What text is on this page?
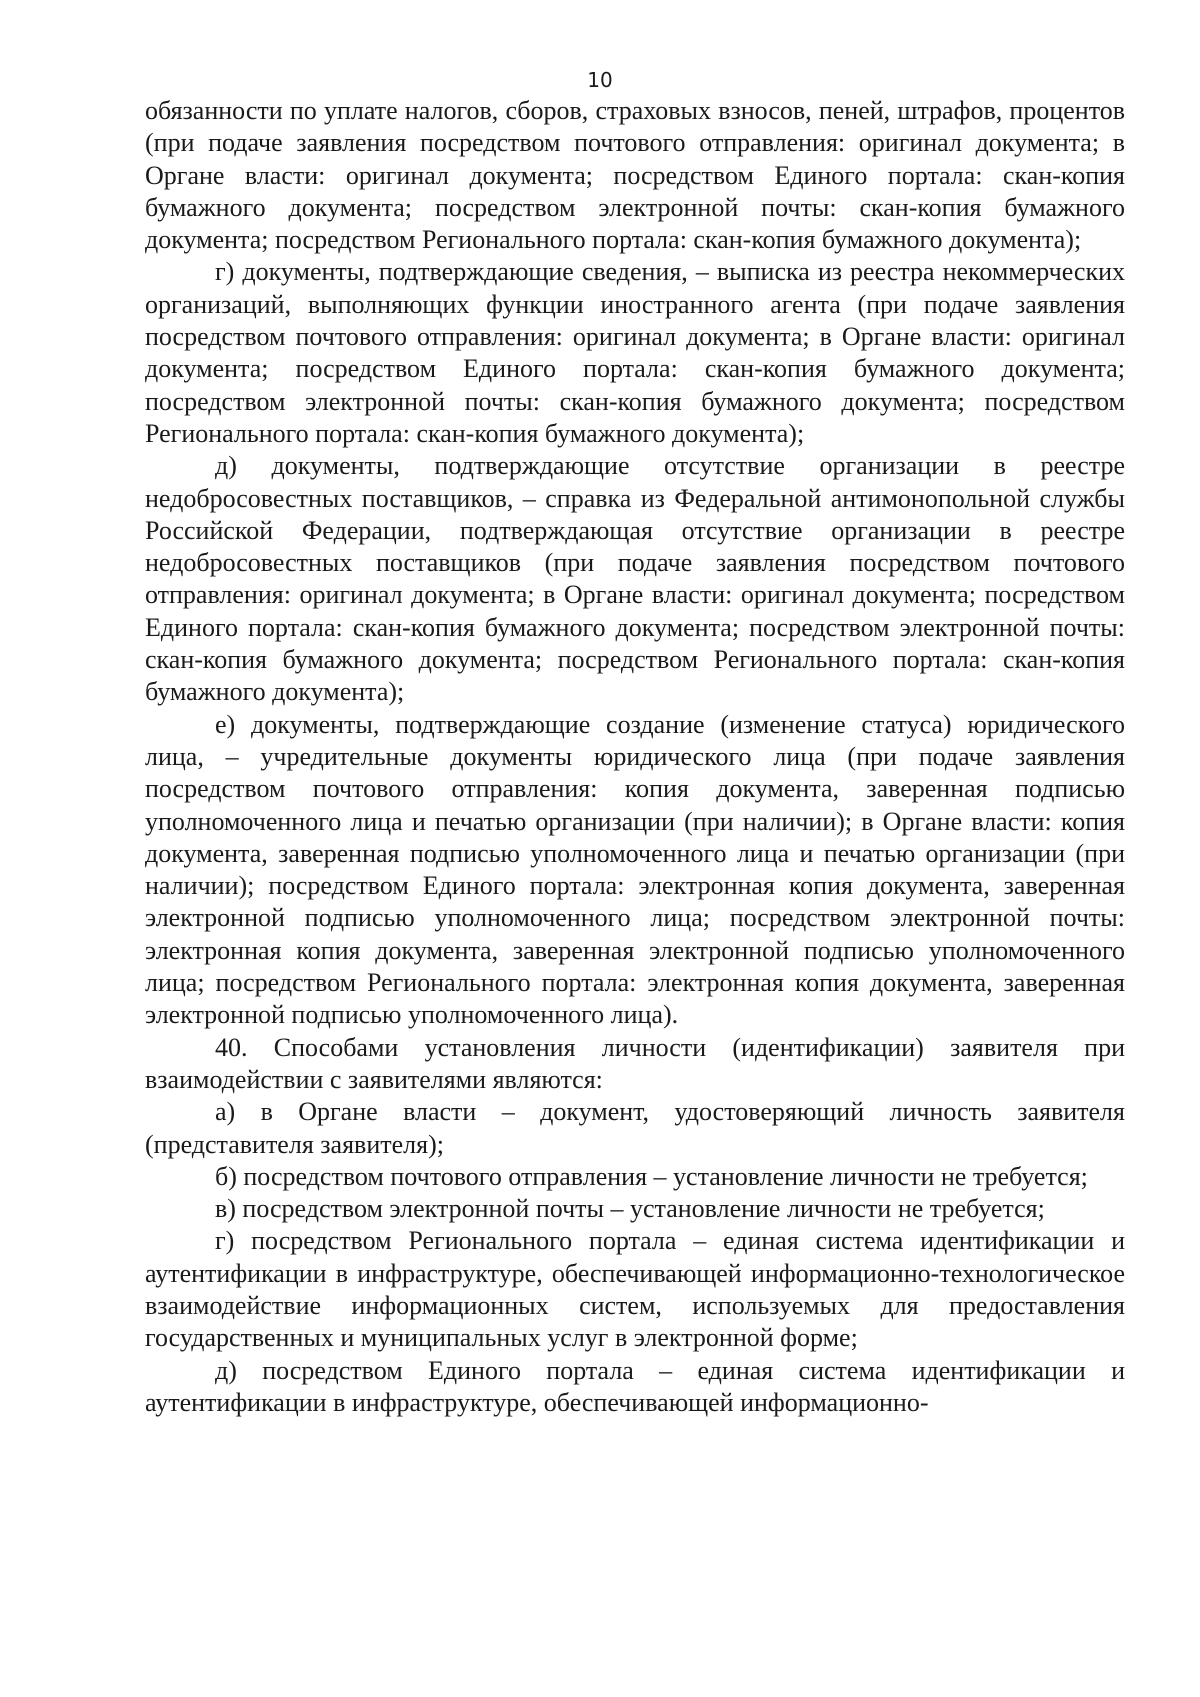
10

обязанности по уплате налогов, сборов, страховых взносов, пеней, штрафов, процентов (при подаче заявления посредством почтового отправления: оригинал документа; в Органе власти: оригинал документа; посредством Единого портала: скан-копия бумажного документа; посредством электронной почты: скан-копия бумажного документа; посредством Регионального портала: скан-копия бумажного документа);

г) документы, подтверждающие сведения, – выписка из реестра некоммерческих организаций, выполняющих функции иностранного агента (при подаче заявления посредством почтового отправления: оригинал документа; в Органе власти: оригинал документа; посредством Единого портала: скан-копия бумажного документа; посредством электронной почты: скан-копия бумажного документа; посредством Регионального портала: скан-копия бумажного документа);

д) документы, подтверждающие отсутствие организации в реестре недобросовестных поставщиков, – справка из Федеральной антимонопольной службы Российской Федерации, подтверждающая отсутствие организации в реестре недобросовестных поставщиков (при подаче заявления посредством почтового отправления: оригинал документа; в Органе власти: оригинал документа; посредством Единого портала: скан-копия бумажного документа; посредством электронной почты: скан-копия бумажного документа; посредством Регионального портала: скан-копия бумажного документа);

е) документы, подтверждающие создание (изменение статуса) юридического лица, – учредительные документы юридического лица (при подаче заявления посредством почтового отправления: копия документа, заверенная подписью уполномоченного лица и печатью организации (при наличии); в Органе власти: копия документа, заверенная подписью уполномоченного лица и печатью организации (при наличии); посредством Единого портала: электронная копия документа, заверенная электронной подписью уполномоченного лица; посредством электронной почты: электронная копия документа, заверенная электронной подписью уполномоченного лица; посредством Регионального портала: электронная копия документа, заверенная электронной подписью уполномоченного лица).

40. Способами установления личности (идентификации) заявителя при взаимодействии с заявителями являются:

а) в Органе власти – документ, удостоверяющий личность заявителя (представителя заявителя);

б) посредством почтового отправления – установление личности не требуется;

в) посредством электронной почты – установление личности не требуется;

г) посредством Регионального портала – единая система идентификации и аутентификации в инфраструктуре, обеспечивающей информационно-технологическое взаимодействие информационных систем, используемых для предоставления государственных и муниципальных услуг в электронной форме;

д) посредством Единого портала – единая система идентификации и аутентификации в инфраструктуре, обеспечивающей информационно-
